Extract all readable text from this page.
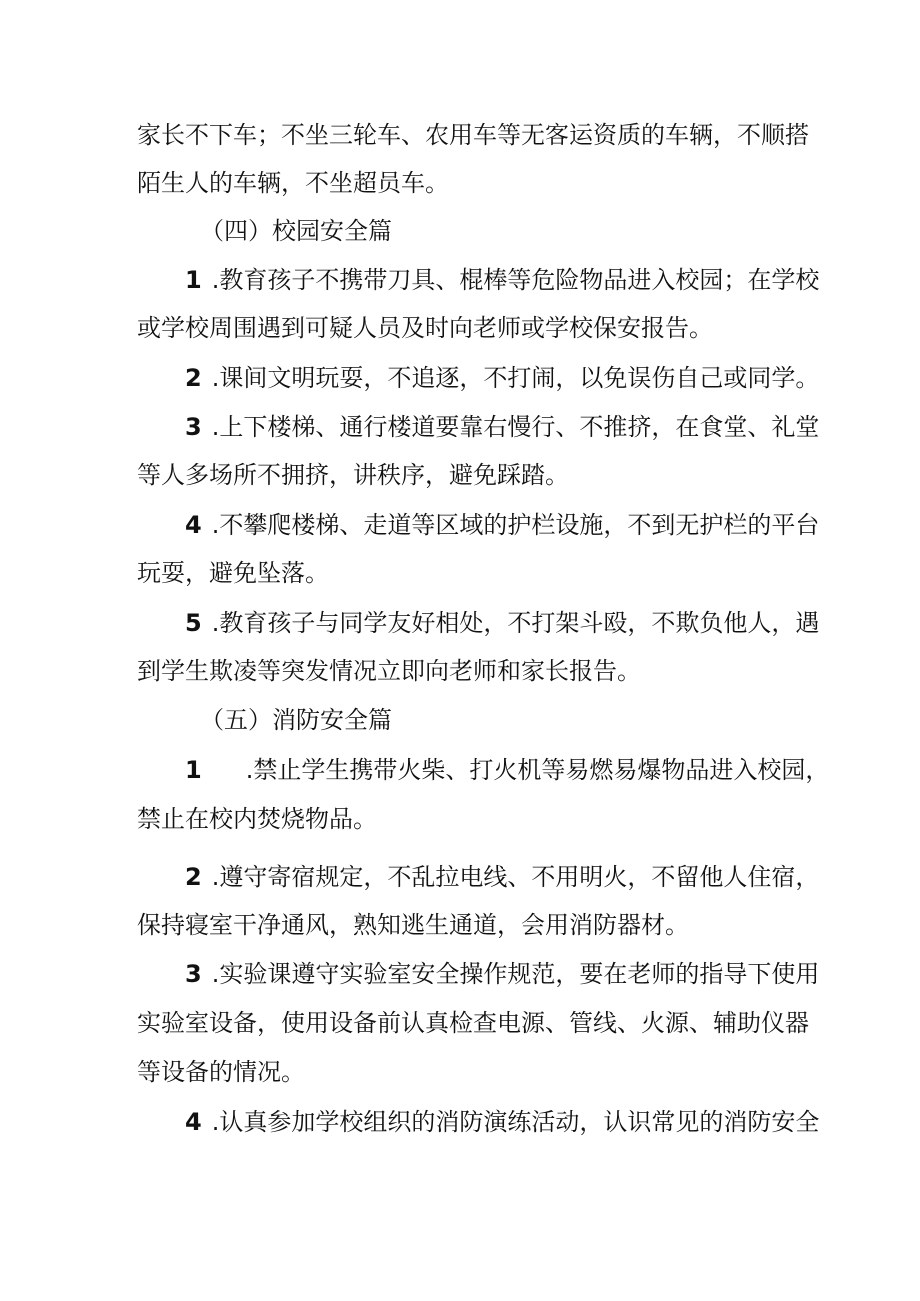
家长不下车；不坐三轮车、农用车等无客运资质的车辆，不顺搭
陌生人的车辆，不坐超员车。
（四）校园安全篇
1 .教育孩子不携带刀具、棍棒等危险物品进入校园；在学校
或学校周围遇到可疑人员及时向老师或学校保安报告。
2 .课间文明玩耍，不追逐，不打闹，以免误伤自己或同学。
3 .上下楼梯、通行楼道要靠右慢行、不推挤，在食堂、礼堂
等人多场所不拥挤，讲秩序，避免踩踏。
4 .不攀爬楼梯、走道等区域的护栏设施，不到无护栏的平台
玩耍，避免坠落。
5 .教育孩子与同学友好相处，不打架斗殴，不欺负他人，遇
到学生欺凌等突发情况立即向老师和家长报告。
（五）消防安全篇
1 .禁止学生携带火柴、打火机等易燃易爆物品进入校园，
禁止在校内焚烧物品。
2 .遵守寄宿规定，不乱拉电线、不用明火，不留他人住宿，
保持寝室干净通风，熟知逃生通道，会用消防器材。
3 .实验课遵守实验室安全操作规范，要在老师的指导下使用
实验室设备，使用设备前认真检查电源、管线、火源、辅助仪器
等设备的情况。
4 .认真参加学校组织的消防演练活动，认识常见的消防安全
